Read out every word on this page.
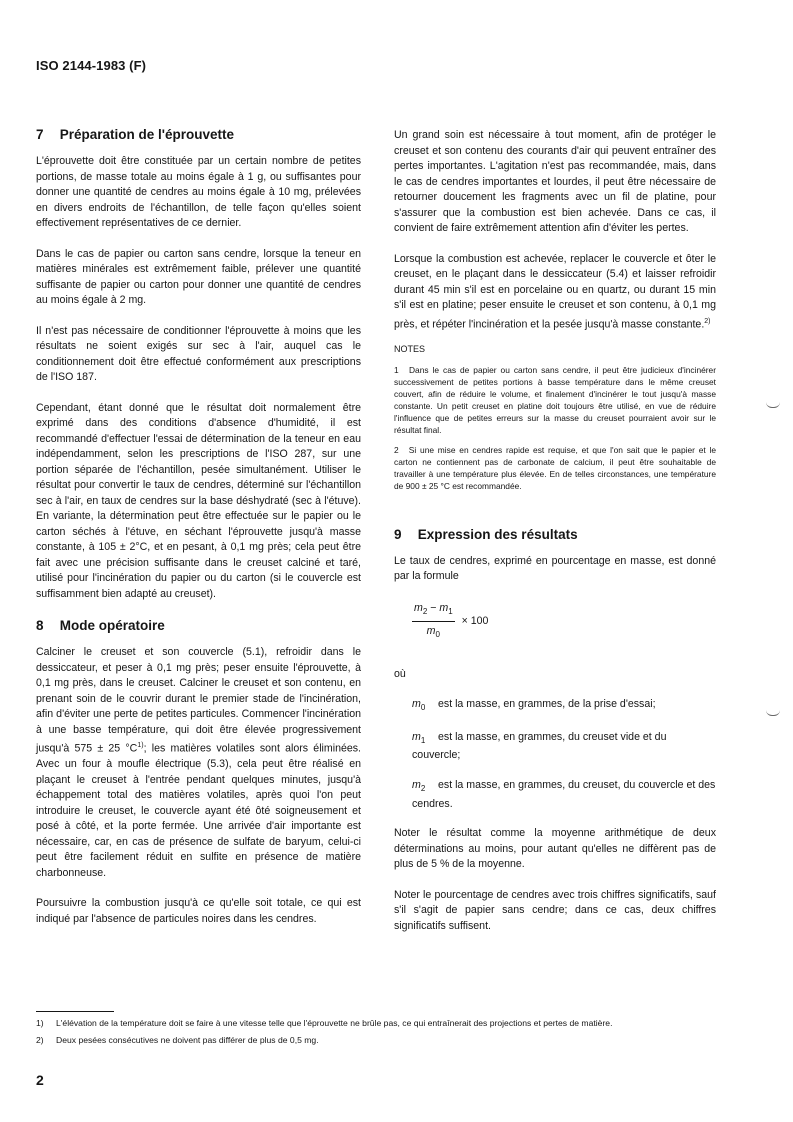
ISO 2144-1983 (F)
7 Préparation de l'éprouvette

L'éprouvette doit être constituée par un certain nombre de petites portions, de masse totale au moins égale à 1 g, ou suffisantes pour donner une quantité de cendres au moins égale à 10 mg, prélevées en divers endroits de l'échantillon, de telle façon qu'elles soient effectivement représentatives de ce dernier.

Dans le cas de papier ou carton sans cendre, lorsque la teneur en matières minérales est extrêmement faible, prélever une quantité suffisante de papier ou carton pour donner une quantité de cendres au moins égale à 2 mg.

Il n'est pas nécessaire de conditionner l'éprouvette à moins que les résultats ne soient exigés sur sec à l'air, auquel cas le conditionnement doit être effectué conformément aux prescriptions de l'ISO 187.

Cependant, étant donné que le résultat doit normalement être exprimé dans des conditions d'absence d'humidité, il est recommandé d'effectuer l'essai de détermination de la teneur en eau indépendamment, selon les prescriptions de l'ISO 287, sur une portion séparée de l'échantillon, pesée simultanément. Utiliser le résultat pour convertir le taux de cendres, déterminé sur l'échantillon sec à l'air, en taux de cendres sur la base déshydraté (sec à l'étuve). En variante, la détermination peut être effectuée sur le papier ou le carton séchés à l'étuve, en séchant l'éprouvette jusqu'à masse constante, à 105 ± 2°C, et en pesant, à 0,1 mg près; cela peut être fait avec une précision suffisante dans le creuset calciné et taré, utilisé pour l'incinération du papier ou du carton (si le couvercle est suffisamment bien adapté au creuset).

8 Mode opératoire

Calciner le creuset et son couvercle (5.1), refroidir dans le dessiccateur, et peser à 0,1 mg près; peser ensuite l'éprouvette, à 0,1 mg près, dans le creuset. Calciner le creuset et son contenu, en prenant soin de le couvrir durant le premier stade de l'incinération, afin d'éviter une perte de petites particules. Commencer l'incinération à une basse température, qui doit être élevée progressivement jusqu'à 575 ± 25 $^\circ C^{1)}$; les matières volatiles sont alors éliminées. Avec un four à moufle électrique (5.3), cela peut être réalisé en plaçant le creuset à l'entrée pendant quelques minutes, jusqu'à échappement total des matières volatiles, après quoi l'on peut introduire le creuset, le couvercle ayant été ôté soigneusement et posé à côté, et la porte fermée. Une arrivée d'air importante est nécessaire, car, en cas de présence de sulfate de baryum, celui-ci peut être facilement réduit en sulfite en présence de matière charbonneuse.

Poursuivre la combustion jusqu'à ce qu'elle soit totale, ce qui est indiqué par l'absence de particules noires dans les cendres.

Un grand soin est nécessaire à tout moment, afin de protéger le creuset et son contenu des courants d'air qui peuvent entraîner des pertes importantes. L'agitation n'est pas recommandée, mais, dans le cas de cendres importantes et lourdes, il peut être nécessaire de retourner doucement les fragments avec un fil de platine, pour s'assurer que la combustion est bien achevée. Dans ce cas, il convient de faire extrêmement attention afin d'éviter les pertes.

Lorsque la combustion est achevée, replacer le couvercle et ôter le creuset, en le plaçant dans le dessiccateur (5.4) et laisser refroidir durant 45 min s'il est en porcelaine ou en quartz, ou durant 15 min s'il est en platine; peser ensuite le creuset et son contenu, à 0,1 mg près, et répéter l'incinération et la pesée jusqu'à masse constante.$^{2)}$

NOTES
1 Dans le cas de papier ou carton sans cendre, il peut être judicieux d'incinérer successivement de petites portions à basse température dans le même creuset couvert, afin de réduire le volume, et finalement d'incinérer le tout jusqu'à masse constante. Un petit creuset en platine doit toujours être utilisé, en vue de réduire l'influence que de petites erreurs sur la masse du creuset pourraient avoir sur le résultat final.
2 Si une mise en cendres rapide est requise, et que l'on sait que le papier et le carton ne contiennent pas de carbonate de calcium, il peut être souhaitable de travailler à une température plus élevée. En de telles circonstances, une température de 900 ± 25 °C est recommandée.
9 Expression des résultats

Le taux de cendres, exprimé en pourcentage en masse, est donné par la formule

$\frac{m_2 - m_1}{m_0} \times 100$

où

$m_0$ est la masse, en grammes, de la prise d'essai;
$m_1$ est la masse, en grammes, du creuset vide et du couvercle;
$m_2$ est la masse, en grammes, du creuset, du couvercle et des cendres.

Noter le résultat comme la moyenne arithmétique de deux déterminations au moins, pour autant qu'elles ne diffèrent pas de plus de 5 % de la moyenne.

Noter le pourcentage de cendres avec trois chiffres significatifs, sauf s'il s'agit de papier sans cendre; dans ce cas, deux chiffres significatifs suffisent.

1) L'élévation de la température doit se faire à une vitesse telle que l'éprouvette ne brûle pas, ce qui entraînerait des projections et pertes de matière.
2) Deux pesées consécutives ne doivent pas différer de plus de 0,5 mg.
2
